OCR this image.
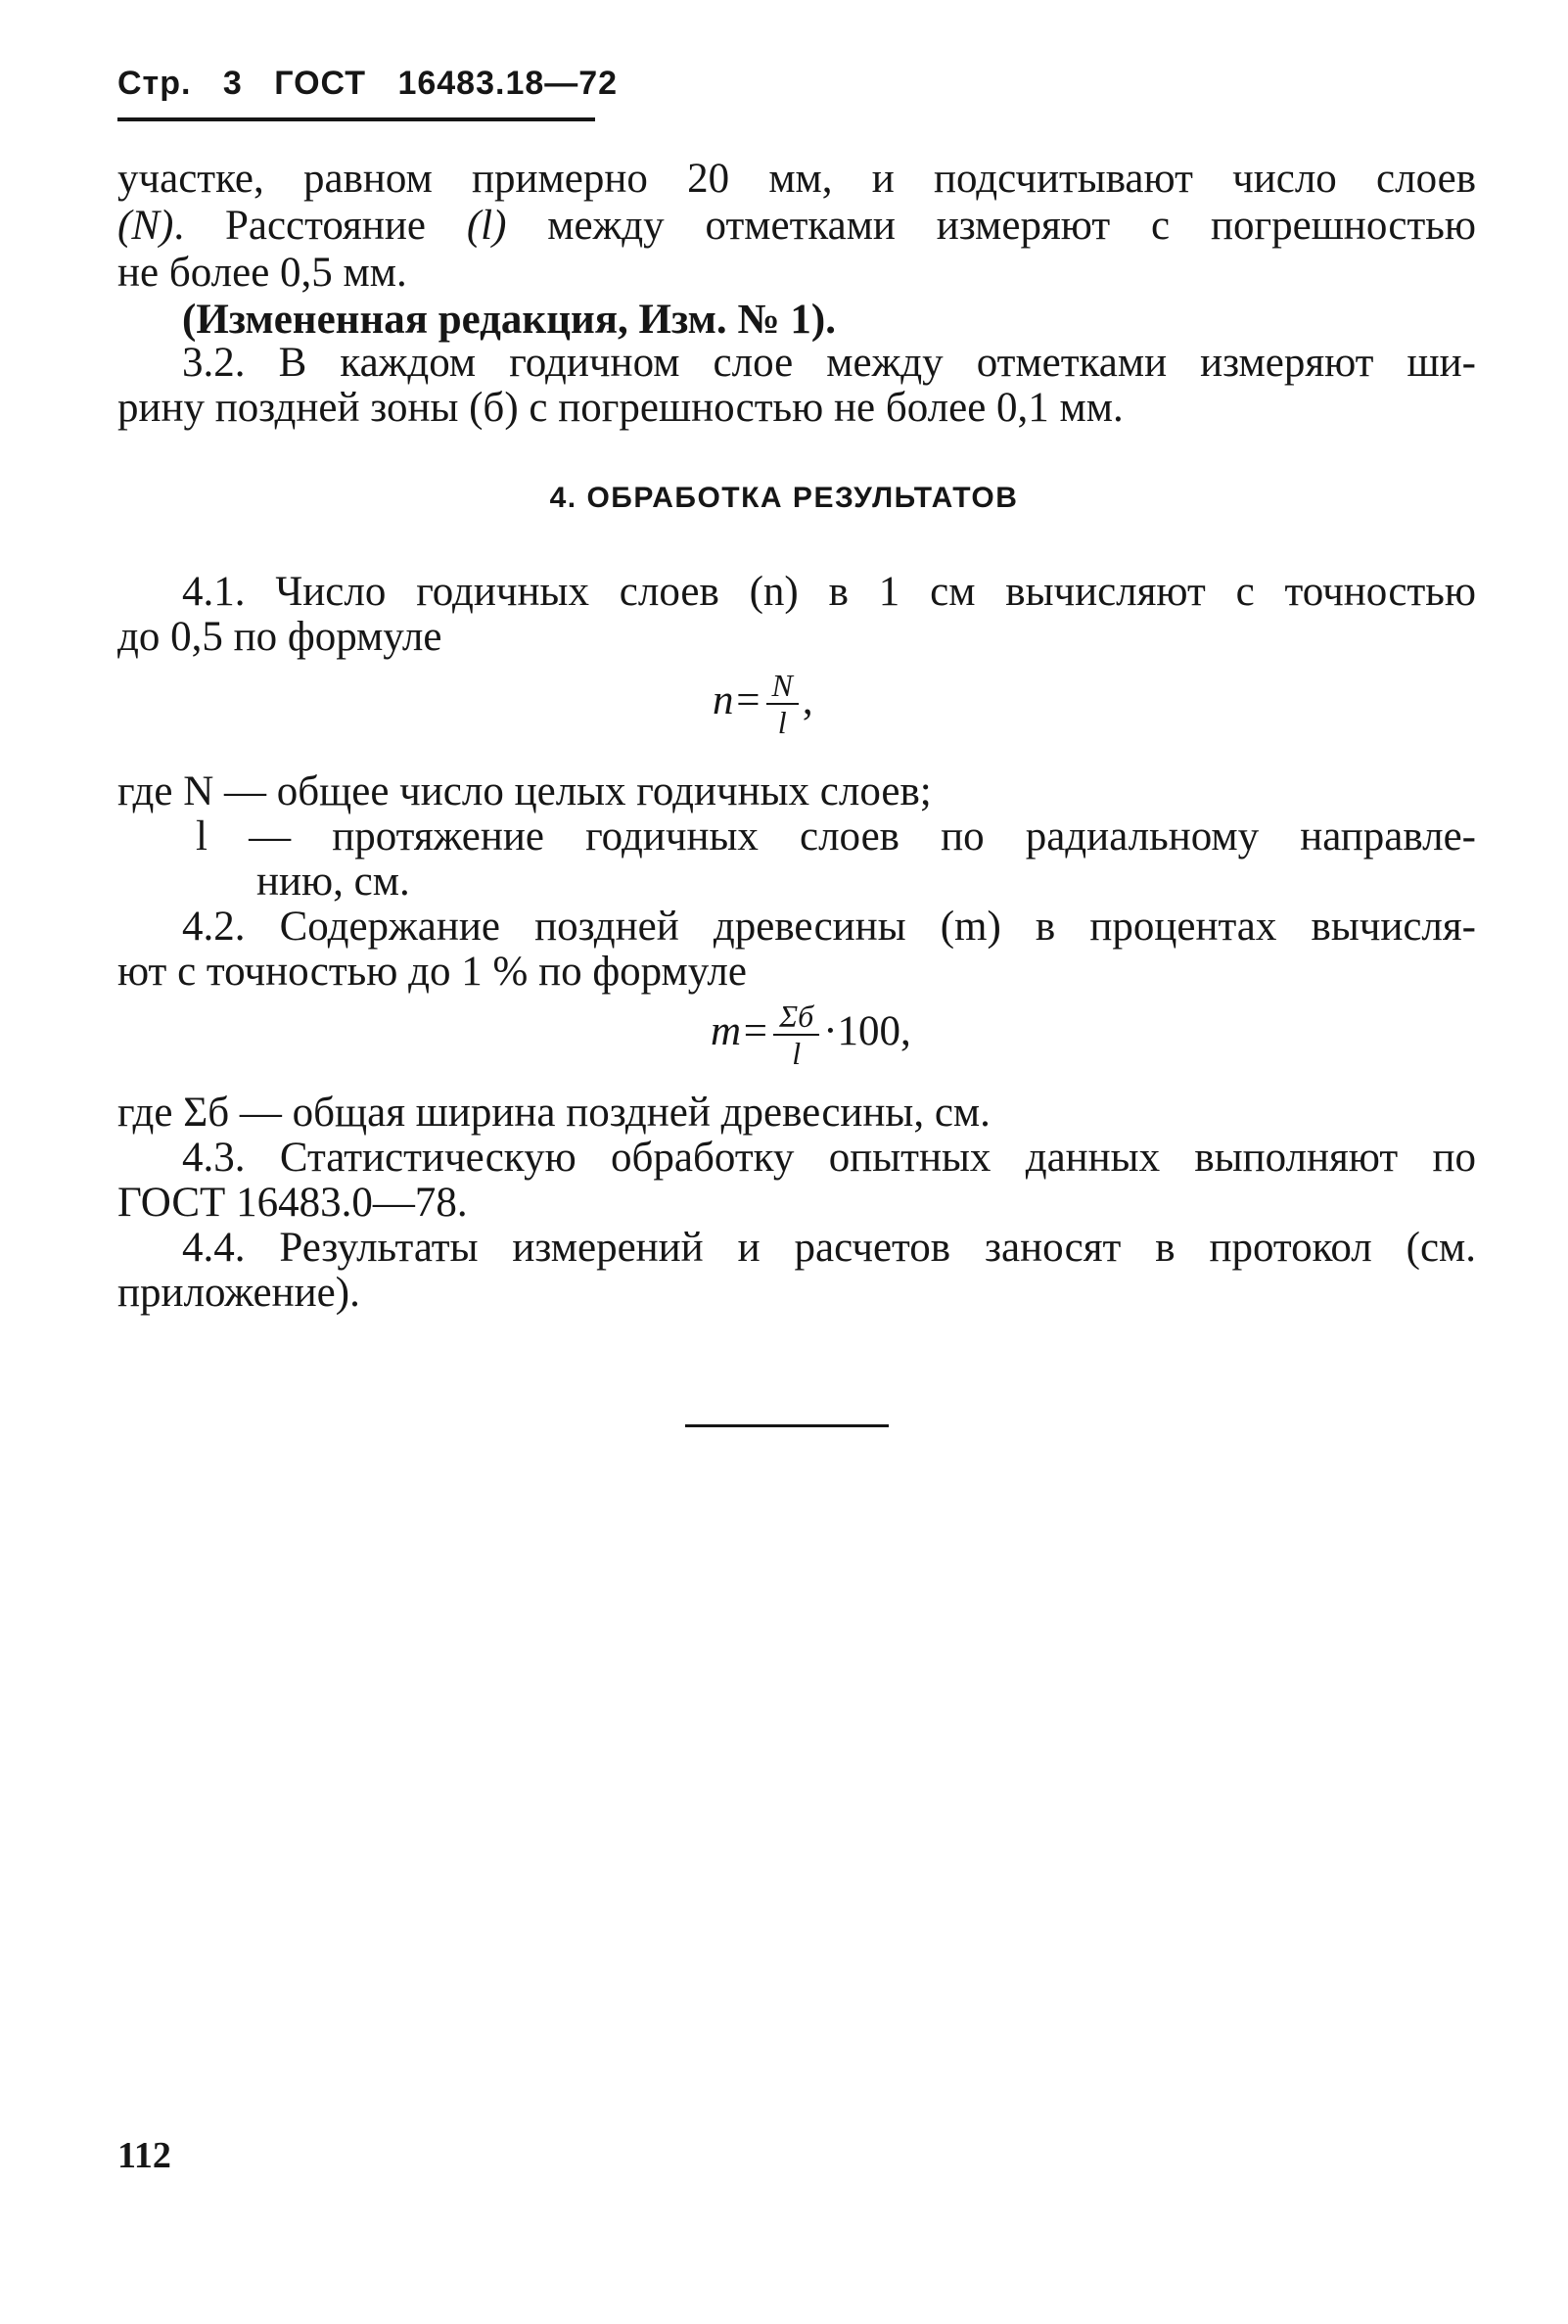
Стр. 3 ГОСТ 16483.18—72
участке, равном примерно 20 мм, и подсчитывают число слоев
(N). Расстояние (l) между отметками измеряют с погрешностью
не более 0,5 мм.
(Измененная редакция, Изм. № 1).
3.2. В каждом годичном слое между отметками измеряют ши-
рину поздней зоны (б) с погрешностью не более 0,1 мм.
4. ОБРАБОТКА РЕЗУЛЬТАТОВ
4.1. Число годичных слоев (n) в 1 см вычисляют с точностью
до 0,5 по формуле
$n= \frac{N}{l}$ ,
где N — общее число целых годичных слоев;
l — протяжение годичных слоев по радиальному направле-
нию, см.
4.2. Содержание поздней древесины (m) в процентах вычисля-
ют с точностью до 1 % по формуле
$m= \frac{\Sigma б}{l} \cdot 100$,
где Σб — общая ширина поздней древесины, см.
4.3. Статистическую обработку опытных данных выполняют по
ГОСТ 16483.0—78.
4.4. Результаты измерений и расчетов заносят в протокол (см.
приложение).
112
